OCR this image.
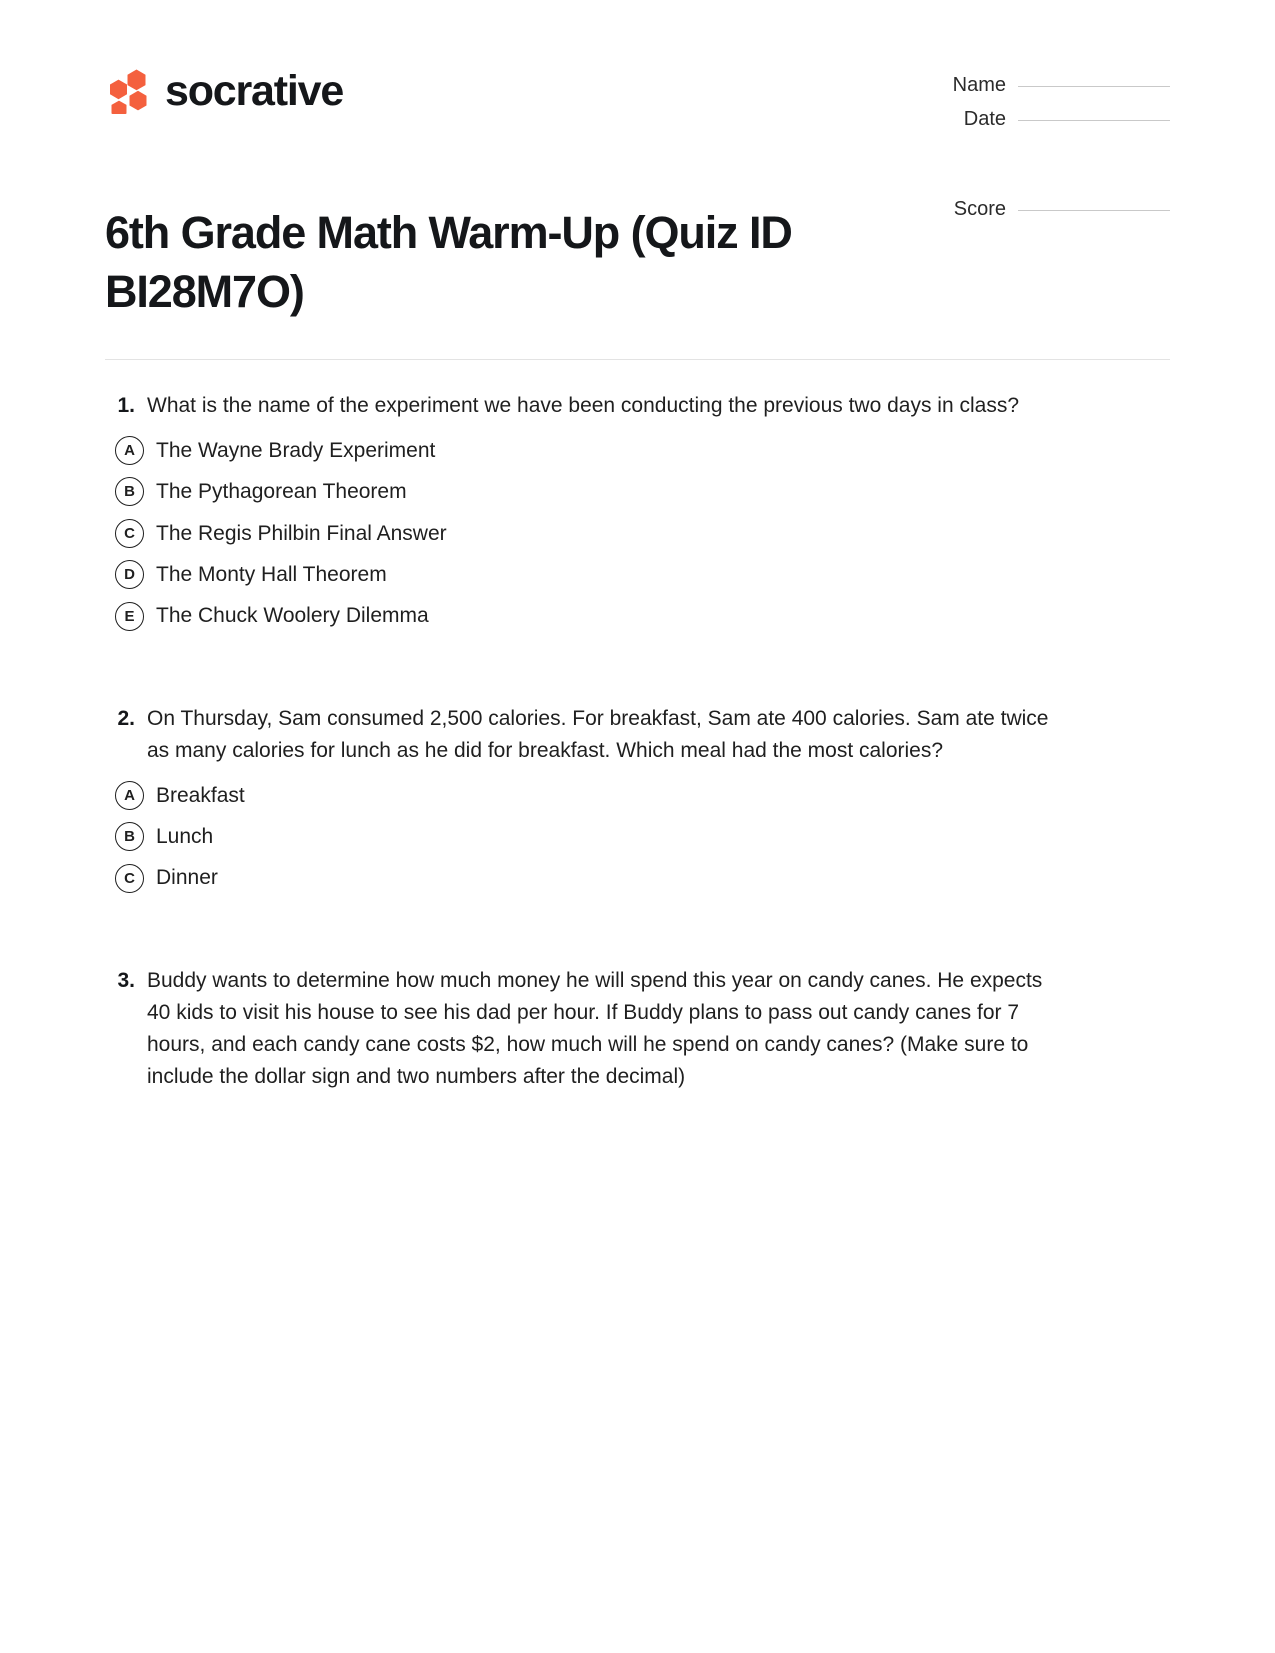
socrative	Name
Date
Score
6th Grade Math Warm-Up (Quiz ID BI28M7O)
1. What is the name of the experiment we have been conducting the previous two days in class?
A	The Wayne Brady Experiment
B	The Pythagorean Theorem
C	The Regis Philbin Final Answer
D	The Monty Hall Theorem
E	The Chuck Woolery Dilemma
2. On Thursday, Sam consumed 2,500 calories. For breakfast, Sam ate 400 calories. Sam ate twice as many calories for lunch as he did for breakfast. Which meal had the most calories?
A	Breakfast
B	Lunch
C	Dinner
3. Buddy wants to determine how much money he will spend this year on candy canes. He expects 40 kids to visit his house to see his dad per hour. If Buddy plans to pass out candy canes for 7 hours, and each candy cane costs $2, how much will he spend on candy canes? (Make sure to include the dollar sign and two numbers after the decimal)
